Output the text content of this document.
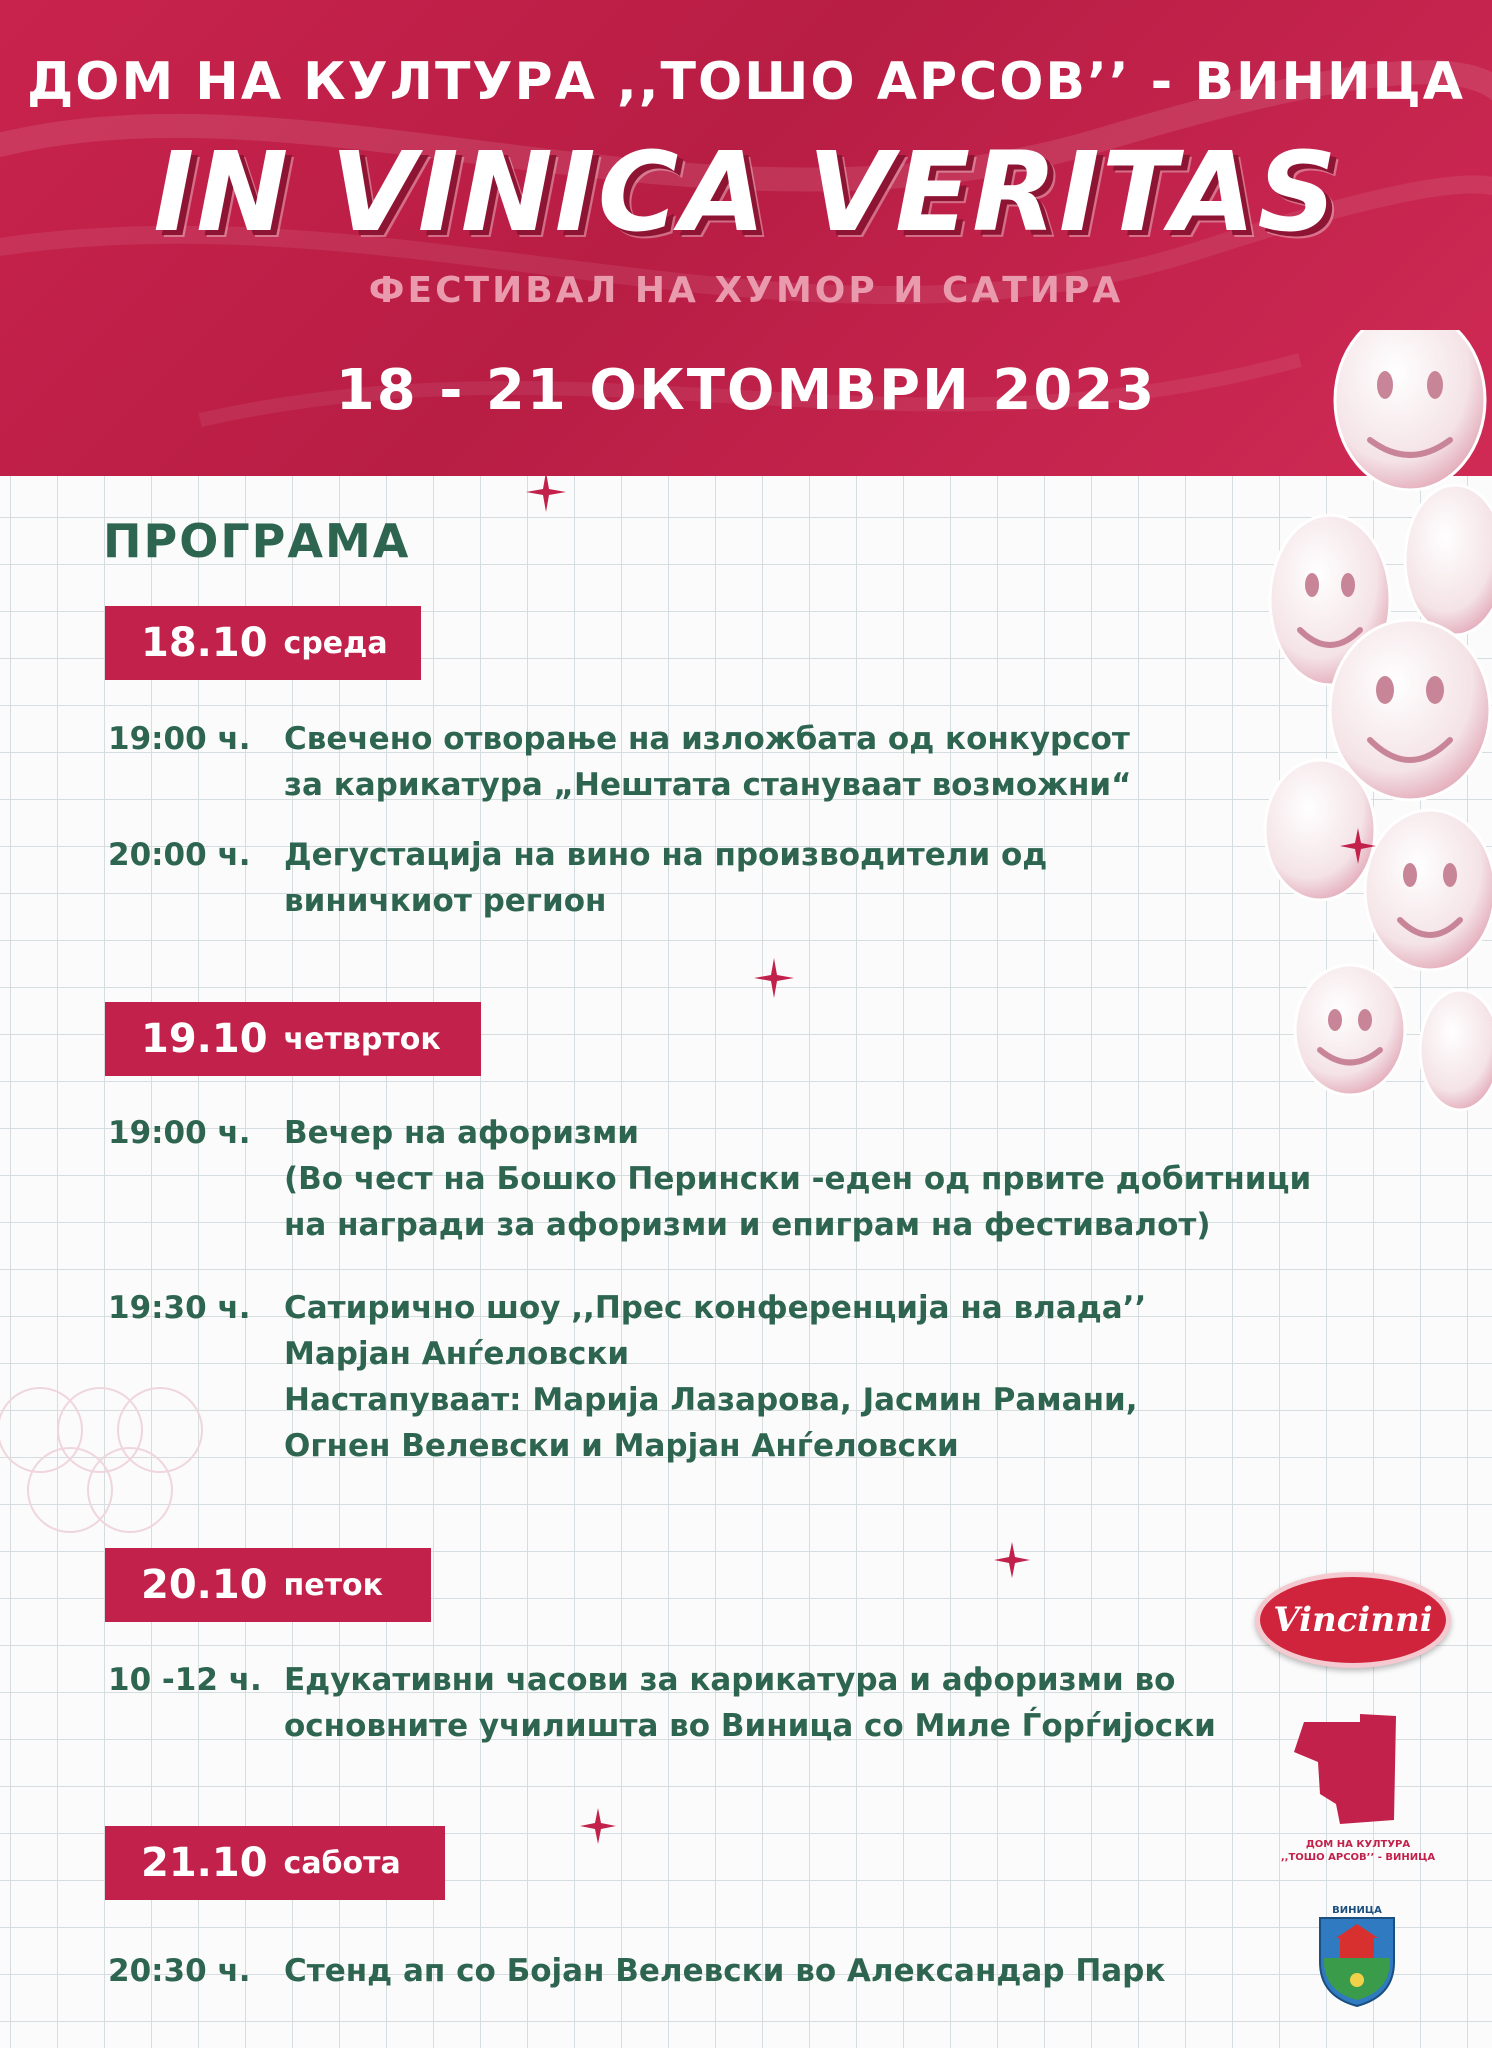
ДОМ НА КУЛТУРА ,,ТОШО АРСОВ’’ - ВИНИЦА
IN VINICA VERITAS
ФЕСТИВАЛ НА ХУМОР И САТИРА
18 - 21 ОКТОМВРИ 2023
ПРОГРАМА
18.10 среда
19:00 ч.	Свечено отворање на изложбата од конкурсот
за карикатура „Нештата стануваат возможни“
20:00 ч.	Дегустација на вино на производители од
виничкиот регион
19.10 четврток
19:00 ч.	Вечер на афоризми
(Во чест на Бошко Перински -еден од првите добитници
на награди за афоризми и епиграм на фестивалот)
19:30 ч.	Сатирично шоу ,,Прес конференција на влада’’
Марјан Анѓеловски
Настапуваат: Марија Лазарова, Јасмин Рамани,
Огнен Велевски и Марјан Анѓеловски
20.10 петок
10 -12 ч. Едукативни часови за карикатура и афоризми во
основните училишта во Виница со Миле Ѓорѓијоски
21.10 сабота
20:30 ч.	Стенд ап со Бојан Велевски во Александар Парк
Vincinni
ДОМ НА КУЛТУРА
,,ТОШО АРСОВ’’ - ВИНИЦА
ВИНИЦА
